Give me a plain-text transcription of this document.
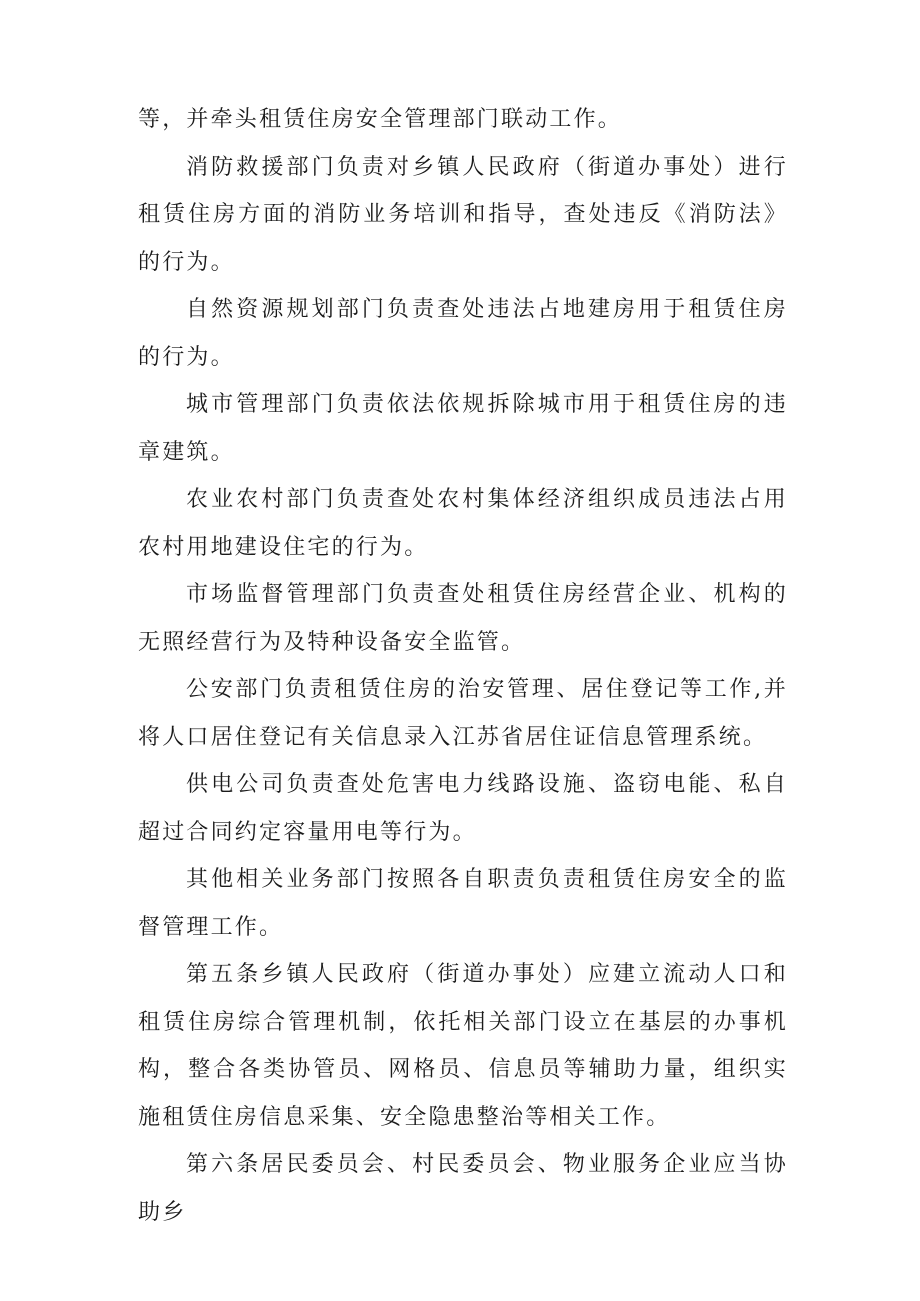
等，并牵头租赁住房安全管理部门联动工作。

消防救援部门负责对乡镇人民政府（街道办事处）进行租赁住房方面的消防业务培训和指导，查处违反《消防法》的行为。

自然资源规划部门负责查处违法占地建房用于租赁住房的行为。

城市管理部门负责依法依规拆除城市用于租赁住房的违章建筑。

农业农村部门负责查处农村集体经济组织成员违法占用农村用地建设住宅的行为。

市场监督管理部门负责查处租赁住房经营企业、机构的无照经营行为及特种设备安全监管。

公安部门负责租赁住房的治安管理、居住登记等工作,并将人口居住登记有关信息录入江苏省居住证信息管理系统。

供电公司负责查处危害电力线路设施、盗窃电能、私自超过合同约定容量用电等行为。

其他相关业务部门按照各自职责负责租赁住房安全的监督管理工作。

第五条乡镇人民政府（街道办事处）应建立流动人口和租赁住房综合管理机制，依托相关部门设立在基层的办事机构，整合各类协管员、网格员、信息员等辅助力量，组织实施租赁住房信息采集、安全隐患整治等相关工作。

第六条居民委员会、村民委员会、物业服务企业应当协助乡
